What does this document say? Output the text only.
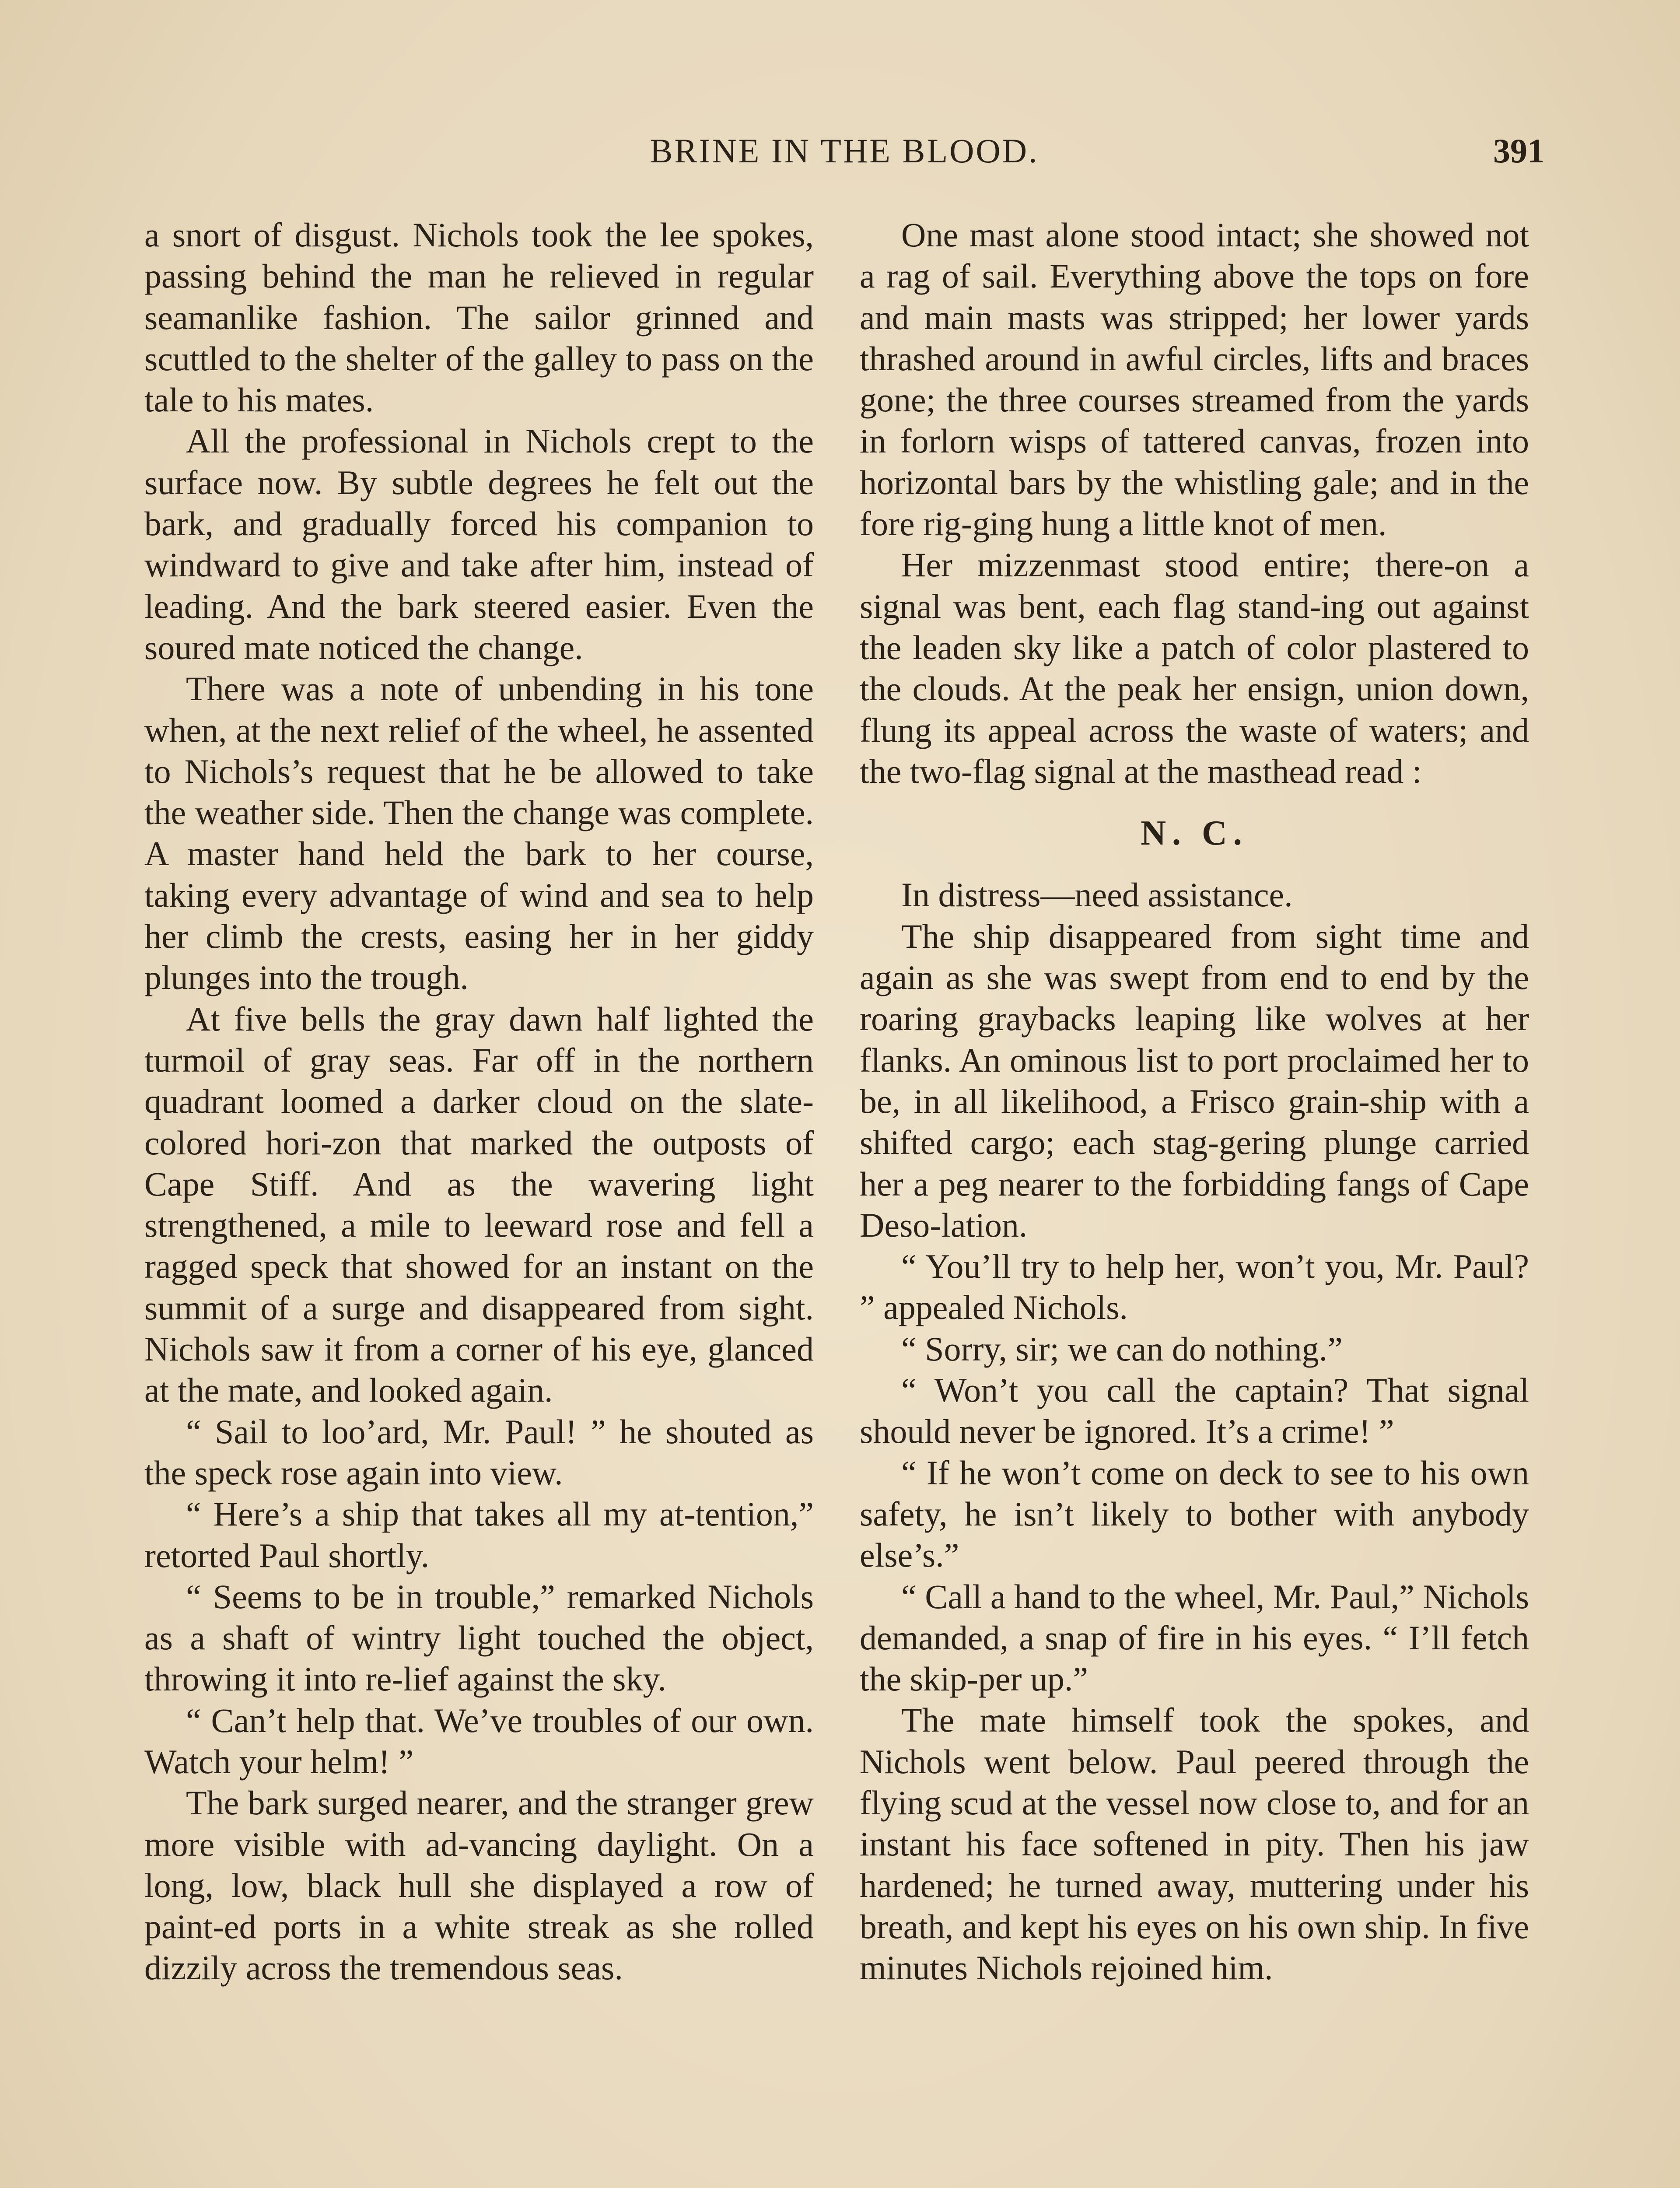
BRINE IN THE BLOOD.	391

a snort of disgust. Nichols took the lee spokes, passing behind the man he relieved in regular seamanlike fashion. The sailor grinned and scuttled to the shelter of the galley to pass on the tale to his mates.

All the professional in Nichols crept to the surface now. By subtle degrees he felt out the bark, and gradually forced his companion to windward to give and take after him, instead of leading. And the bark steered easier. Even the soured mate noticed the change.

There was a note of unbending in his tone when, at the next relief of the wheel, he assented to Nichols’s request that he be allowed to take the weather side. Then the change was complete. A master hand held the bark to her course, taking every advantage of wind and sea to help her climb the crests, easing her in her giddy plunges into the trough.

At five bells the gray dawn half lighted the turmoil of gray seas. Far off in the northern quadrant loomed a darker cloud on the slate-colored hori-zon that marked the outposts of Cape Stiff. And as the wavering light strengthened, a mile to leeward rose and fell a ragged speck that showed for an instant on the summit of a surge and disappeared from sight. Nichols saw it from a corner of his eye, glanced at the mate, and looked again.

“ Sail to loo’ard, Mr. Paul! ” he shouted as the speck rose again into view.

“ Here’s a ship that takes all my at-tention,” retorted Paul shortly.

“ Seems to be in trouble,” remarked Nichols as a shaft of wintry light touched the object, throwing it into re-lief against the sky.

“ Can’t help that. We’ve troubles of our own. Watch your helm! ”

The bark surged nearer, and the stranger grew more visible with ad-vancing daylight. On a long, low, black hull she displayed a row of paint-ed ports in a white streak as she rolled dizzily across the tremendous seas.

One mast alone stood intact; she showed not a rag of sail. Everything above the tops on fore and main masts was stripped; her lower yards thrashed around in awful circles, lifts and braces gone; the three courses streamed from the yards in forlorn wisps of tattered canvas, frozen into horizontal bars by the whistling gale; and in the fore rig-ging hung a little knot of men.

Her mizzenmast stood entire; there-on a signal was bent, each flag stand-ing out against the leaden sky like a patch of color plastered to the clouds. At the peak her ensign, union down, flung its appeal across the waste of waters; and the two-flag signal at the masthead read :

N. C.

In distress—need assistance.

The ship disappeared from sight time and again as she was swept from end to end by the roaring graybacks leaping like wolves at her flanks. An ominous list to port proclaimed her to be, in all likelihood, a Frisco grain-ship with a shifted cargo; each stag-gering plunge carried her a peg nearer to the forbidding fangs of Cape Deso-lation.

“ You’ll try to help her, won’t you, Mr. Paul? ” appealed Nichols.

“ Sorry, sir; we can do nothing.”

“ Won’t you call the captain? That signal should never be ignored. It’s a crime! ”

“ If he won’t come on deck to see to his own safety, he isn’t likely to bother with anybody else’s.”

“ Call a hand to the wheel, Mr. Paul,” Nichols demanded, a snap of fire in his eyes. “ I’ll fetch the skip-per up.”

The mate himself took the spokes, and Nichols went below. Paul peered through the flying scud at the vessel now close to, and for an instant his face softened in pity. Then his jaw hardened; he turned away, muttering under his breath, and kept his eyes on his own ship. In five minutes Nichols rejoined him.
